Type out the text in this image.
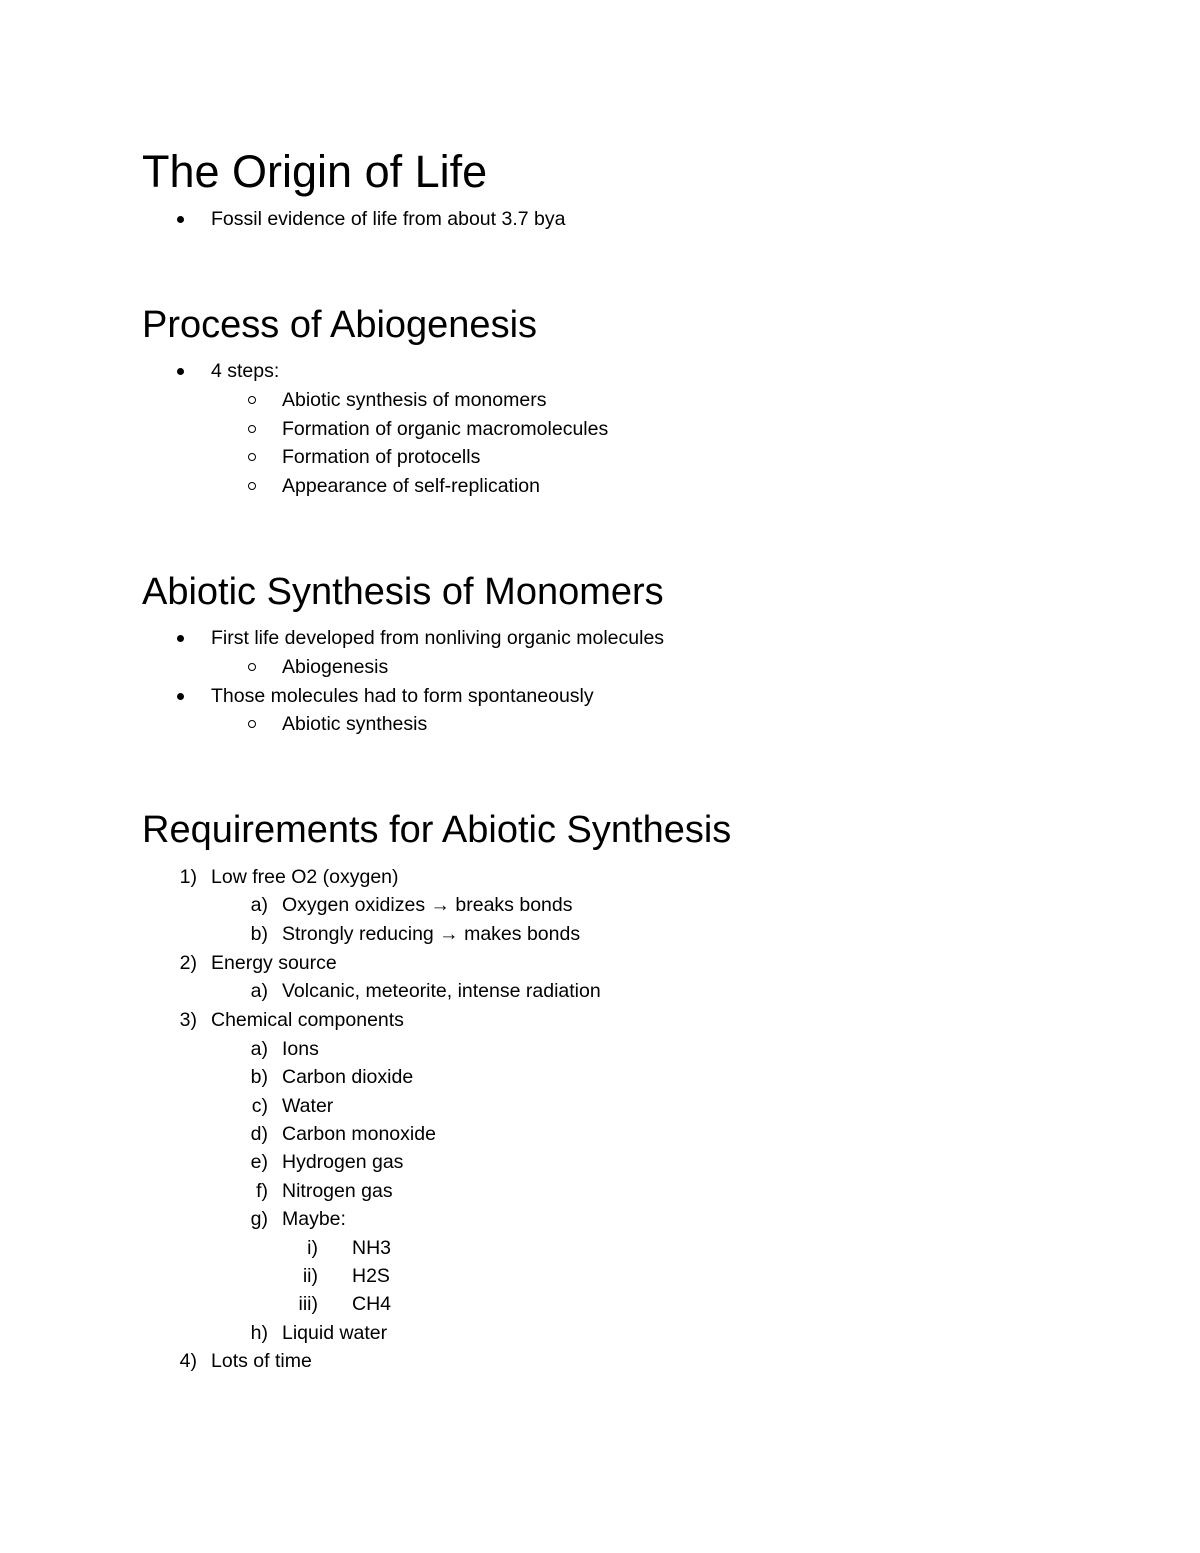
The Origin of Life
Fossil evidence of life from about 3.7 bya
Process of Abiogenesis
4 steps:
Abiotic synthesis of monomers
Formation of organic macromolecules
Formation of protocells
Appearance of self-replication
Abiotic Synthesis of Monomers
First life developed from nonliving organic molecules
Abiogenesis
Those molecules had to form spontaneously
Abiotic synthesis
Requirements for Abiotic Synthesis
1) Low free O2 (oxygen)
a) Oxygen oxidizes → breaks bonds
b) Strongly reducing → makes bonds
2) Energy source
a) Volcanic, meteorite, intense radiation
3) Chemical components
a) Ions
b) Carbon dioxide
c) Water
d) Carbon monoxide
e) Hydrogen gas
f) Nitrogen gas
g) Maybe:
i) NH3
ii) H2S
iii) CH4
h) Liquid water
4) Lots of time
